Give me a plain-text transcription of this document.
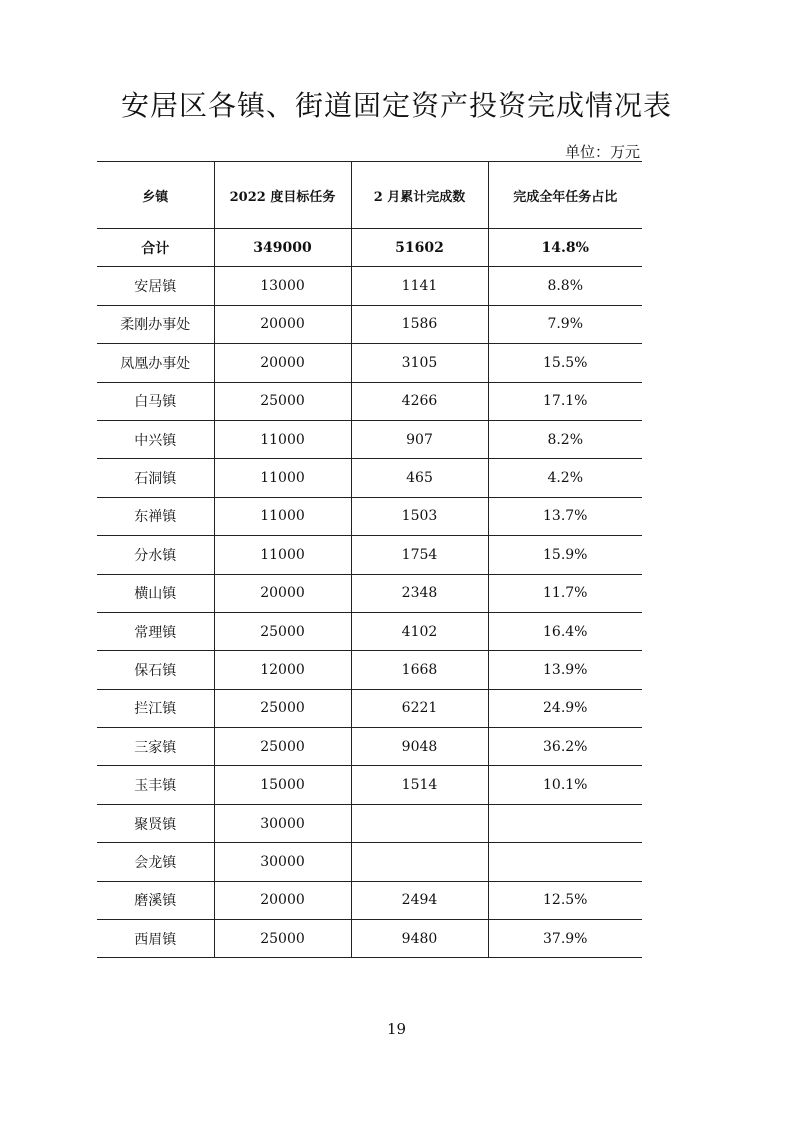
安居区各镇、街道固定资产投资完成情况表
单位：万元
乡镇	2022 度目标任务	2 月累计完成数	完成全年任务占比
合计	349000	51602	14.8%
安居镇	13000	1141	8.8%
柔刚办事处	20000	1586	7.9%
凤凰办事处	20000	3105	15.5%
白马镇	25000	4266	17.1%
中兴镇	11000	907	8.2%
石洞镇	11000	465	4.2%
东禅镇	11000	1503	13.7%
分水镇	11000	1754	15.9%
横山镇	20000	2348	11.7%
常理镇	25000	4102	16.4%
保石镇	12000	1668	13.9%
拦江镇	25000	6221	24.9%
三家镇	25000	9048	36.2%
玉丰镇	15000	1514	10.1%
聚贤镇	30000		
会龙镇	30000		
磨溪镇	20000	2494	12.5%
西眉镇	25000	9480	37.9%
19
